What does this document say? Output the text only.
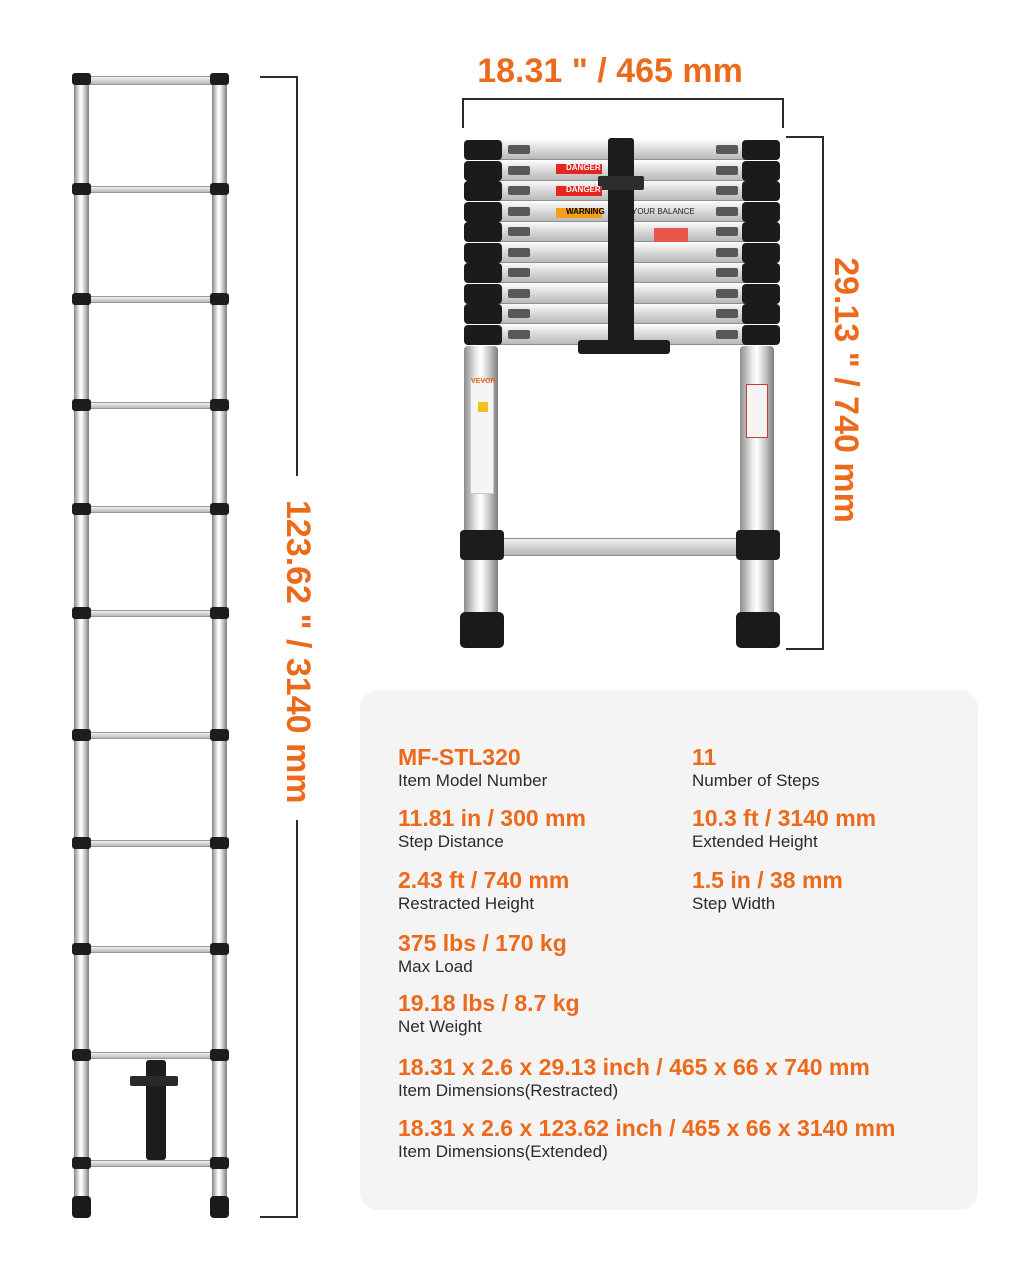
123.62 " / 3140 mm
18.31 " / 465 mm
DANGER
DANGER
WARNING	YOUR BALANCE
VEVOR	29.13 " / 740 mm
MF-STL320
Item Model Number
11
Number of Steps
11.81 in / 300 mm
Step Distance
10.3 ft / 3140 mm
Extended Height
2.43 ft / 740 mm
Restracted Height
1.5 in / 38 mm
Step Width
375 lbs / 170 kg
Max Load
19.18 lbs / 8.7 kg
Net Weight
18.31 x 2.6 x 29.13 inch / 465 x 66 x 740 mm
Item Dimensions(Restracted)
18.31 x 2.6 x 123.62 inch / 465 x 66 x 3140 mm
Item Dimensions(Extended)
